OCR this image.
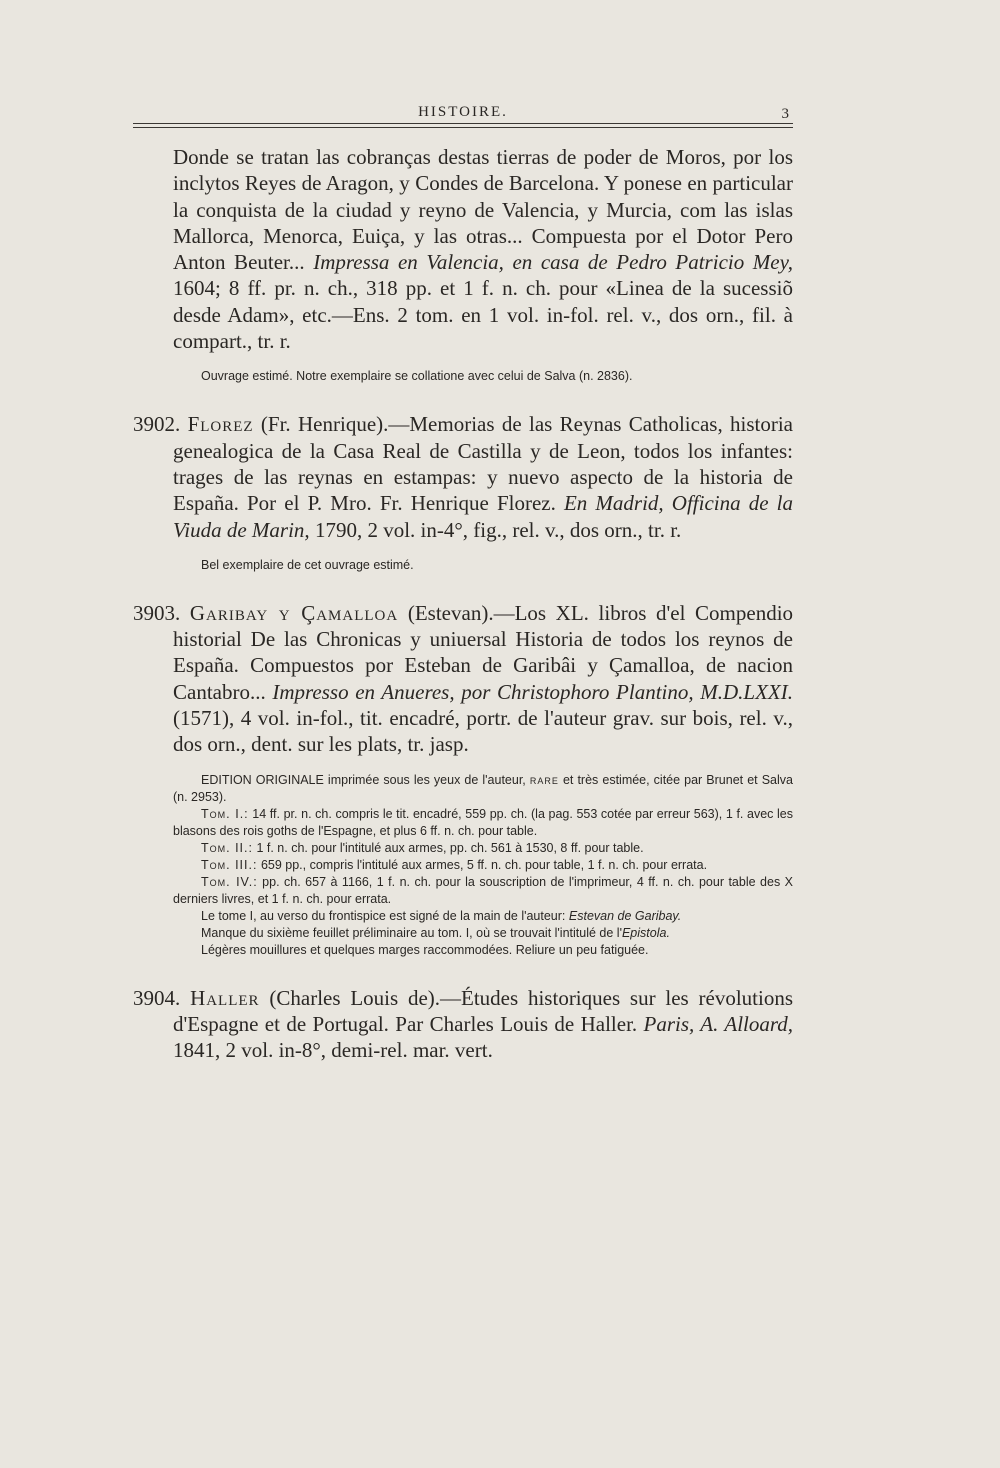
HISTOIRE.	3

Donde se tratan las cobranças destas tierras de poder de Moros, por los inclytos Reyes de Aragon, y Condes de Barcelona. Y ponese en particular la conquista de la ciudad y reyno de Valencia, y Murcia, com las islas Mallorca, Menorca, Euiça, y las otras... Compuesta por el Dotor Pero Anton Beuter... Impressa en Valencia, en casa de Pedro Patricio Mey, 1604; 8 ff. pr. n. ch., 318 pp. et 1 f. n. ch. pour «Linea de la sucessiõ desde Adam», etc.—Ens. 2 tom. en 1 vol. in-fol. rel. v., dos orn., fil. à compart., tr. r.

Ouvrage estimé. Notre exemplaire se collatione avec celui de Salva (n. 2836).

3902. Florez (Fr. Henrique).—Memorias de las Reynas Catholicas, historia genealogica de la Casa Real de Castilla y de Leon, todos los infantes: trages de las reynas en estampas: y nuevo aspecto de la historia de España. Por el P. Mro. Fr. Henrique Florez. En Madrid, Officina de la Viuda de Marin, 1790, 2 vol. in-4°, fig., rel. v., dos orn., tr. r.

Bel exemplaire de cet ouvrage estimé.

3903. Garibay y Çamalloa (Estevan).—Los XL. libros d'el Compendio historial De las Chronicas y uniuersal Historia de todos los reynos de España. Compuestos por Esteban de Garibâi y Çamalloa, de nacion Cantabro... Impresso en Anueres, por Christophoro Plantino, M.D.LXXI. (1571), 4 vol. in-fol., tit. encadré, portr. de l'auteur grav. sur bois, rel. v., dos orn., dent. sur les plats, tr. jasp.

EDITION ORIGINALE imprimée sous les yeux de l'auteur, rare et très estimée, citée par Brunet et Salva (n. 2953).

Tom. I.: 14 ff. pr. n. ch. compris le tit. encadré, 559 pp. ch. (la pag. 553 cotée par erreur 563), 1 f. avec les blasons des rois goths de l'Espagne, et plus 6 ff. n. ch. pour table.

Tom. II.: 1 f. n. ch. pour l'intitulé aux armes, pp. ch. 561 à 1530, 8 ff. pour table.

Tom. III.: 659 pp., compris l'intitulé aux armes, 5 ff. n. ch. pour table, 1 f. n. ch. pour errata.

Tom. IV.: pp. ch. 657 à 1166, 1 f. n. ch. pour la souscription de l'imprimeur, 4 ff. n. ch. pour table des X derniers livres, et 1 f. n. ch. pour errata.

Le tome I, au verso du frontispice est signé de la main de l'auteur: Estevan de Garibay.

Manque du sixième feuillet préliminaire au tom. I, où se trouvait l'intitulé de l'Epistola.

Légères mouillures et quelques marges raccommodées. Reliure un peu fatiguée.

3904. Haller (Charles Louis de).—Études historiques sur les révolutions d'Espagne et de Portugal. Par Charles Louis de Haller. Paris, A. Alloard, 1841, 2 vol. in-8°, demi-rel. mar. vert.
